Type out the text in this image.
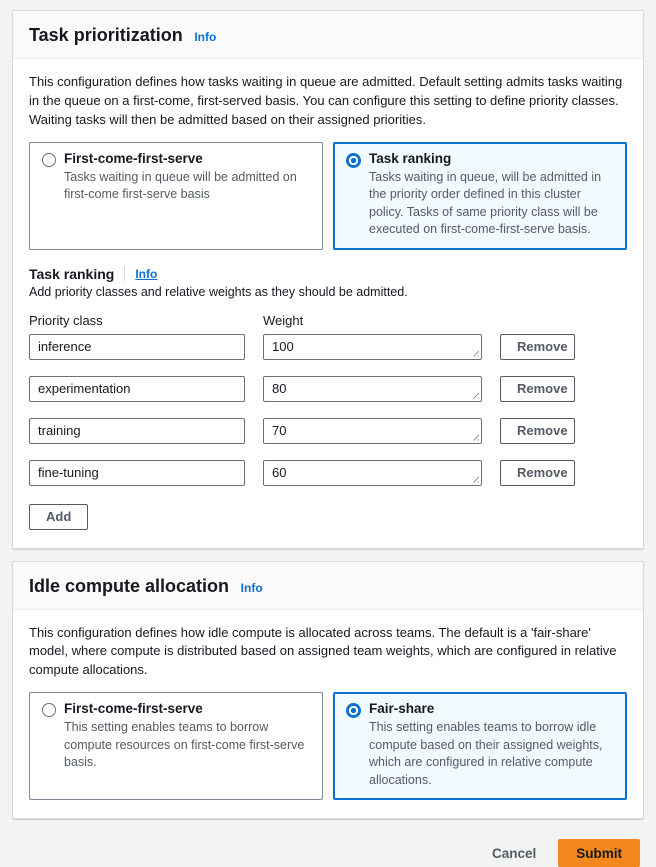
Task prioritization Info

This configuration defines how tasks waiting in queue are admitted. Default setting admits tasks waiting in the queue on a first-come, first-served basis. You can configure this setting to define priority classes. Waiting tasks will then be admitted based on their assigned priorities.

First-come-first-serve
Tasks waiting in queue will be admitted on first-come first-serve basis
Task ranking
Tasks waiting in queue, will be admitted in the priority order defined in this cluster policy. Tasks of same priority class will be executed on first-come-first-serve basis.
Task ranking Info

Add priority classes and relative weights as they should be admitted.

Priority class	Weight
inference
100
Remove
experimentation
80
Remove
training
70
Remove
fine-tuning
60
Remove
Add
Idle compute allocation Info

This configuration defines how idle compute is allocated across teams. The default is a 'fair-share' model, where compute is distributed based on assigned team weights, which are configured in relative compute allocations.

First-come-first-serve
This setting enables teams to borrow compute resources on first-come first-serve basis.
Fair-share
This setting enables teams to borrow idle compute based on their assigned weights, which are configured in relative compute allocations.
Cancel	Submit
